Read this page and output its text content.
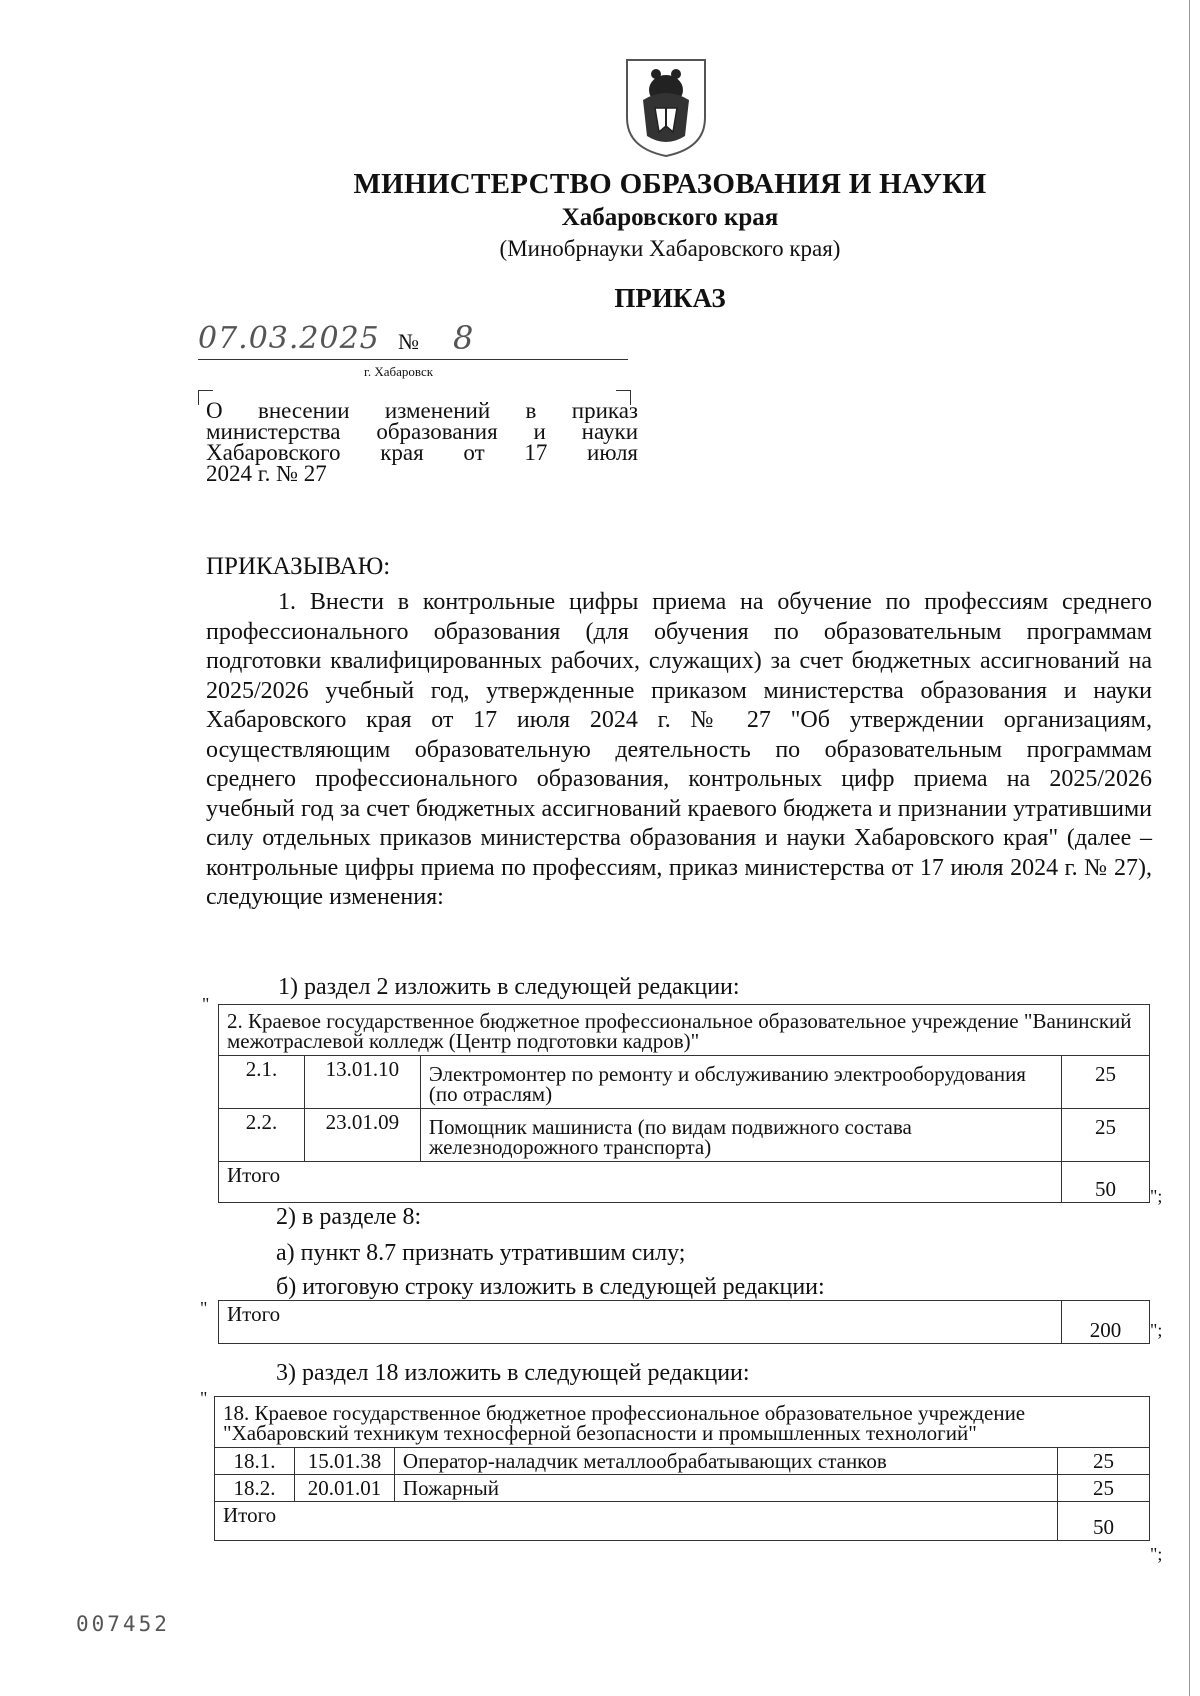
МИНИСТЕРСТВО ОБРАЗОВАНИЯ И НАУКИ
Хабаровского края
(Минобрнауки Хабаровского края)
ПРИКАЗ
07.03.2025 № 8
г. Хабаровск
О внесении изменений в приказ
министерства образования и науки
Хабаровского края от 17 июля
2024 г. № 27
ПРИКАЗЫВАЮ:
1. Внести в контрольные цифры приема на обучение по профессиям среднего профессионального образования (для обучения по образовательным программам подготовки квалифицированных рабочих, служащих) за счет бюджетных ассигнований на 2025/2026 учебный год, утвержденные приказом министерства образования и науки Хабаровского края от 17 июля 2024 г. № 27 "Об утверждении организациям, осуществляющим образовательную деятельность по образовательным программам среднего профессионального образования, контрольных цифр приема на 2025/2026 учебный год за счет бюджетных ассигнований краевого бюджета и признании утратившими силу отдельных приказов министерства образования и науки Хабаровского края" (далее – контрольные цифры приема по профессиям, приказ министерства от 17 июля 2024 г. № 27), следующие изменения:
1) раздел 2 изложить в следующей редакции:
"
2. Краевое государственное бюджетное профессиональное образовательное учреждение "Ванинский межотраслевой колледж (Центр подготовки кадров)"			
2.1.	13.01.10	Электромонтер по ремонту и обслуживанию электрооборудования (по отраслям)	25
2.2.	23.01.09	Помощник машиниста (по видам подвижного состава железнодорожного транспорта)	25
Итого			50 ";
2) в разделе 8:
а) пункт 8.7 признать утратившим силу;
б) итоговую строку изложить в следующей редакции:
" Итого	200 ";
3) раздел 18 изложить в следующей редакции:
"
18. Краевое государственное бюджетное профессиональное образовательное учреждение "Хабаровский техникум техносферной безопасности и промышленных технологий"			
18.1.	15.01.38	Оператор-наладчик металлообрабатывающих станков	25
18.2.	20.01.01	Пожарный	25
Итого			50
";
007452
